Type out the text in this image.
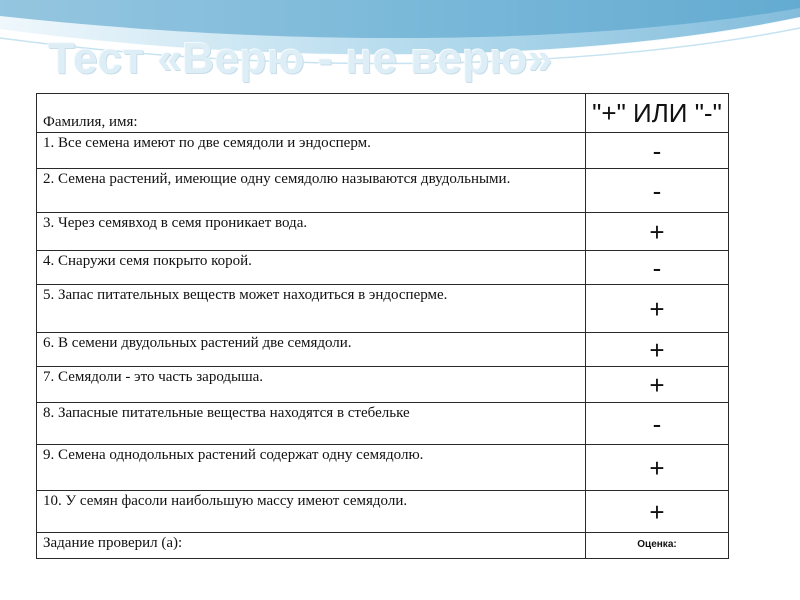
Тест «Верю - не верю»
Фамилия, имя:	"+" ИЛИ "-"
1. Все семена имеют по две семядоли и эндосперм.	-
2. Семена растений, имеющие одну семядолю называются двудольными.	-
3. Через семявход в семя проникает вода.	+
4. Снаружи семя покрыто корой.	-
5. Запас питательных веществ может находиться в эндосперме.	+
6. В семени двудольных растений две семядоли.	+
7. Семядоли - это часть зародыша.	+
8. Запасные питательные вещества находятся в стебельке	-
9. Семена однодольных растений содержат одну семядолю.	+
10. У семян фасоли наибольшую массу имеют семядоли.	+
Задание проверил (а):	Оценка:
